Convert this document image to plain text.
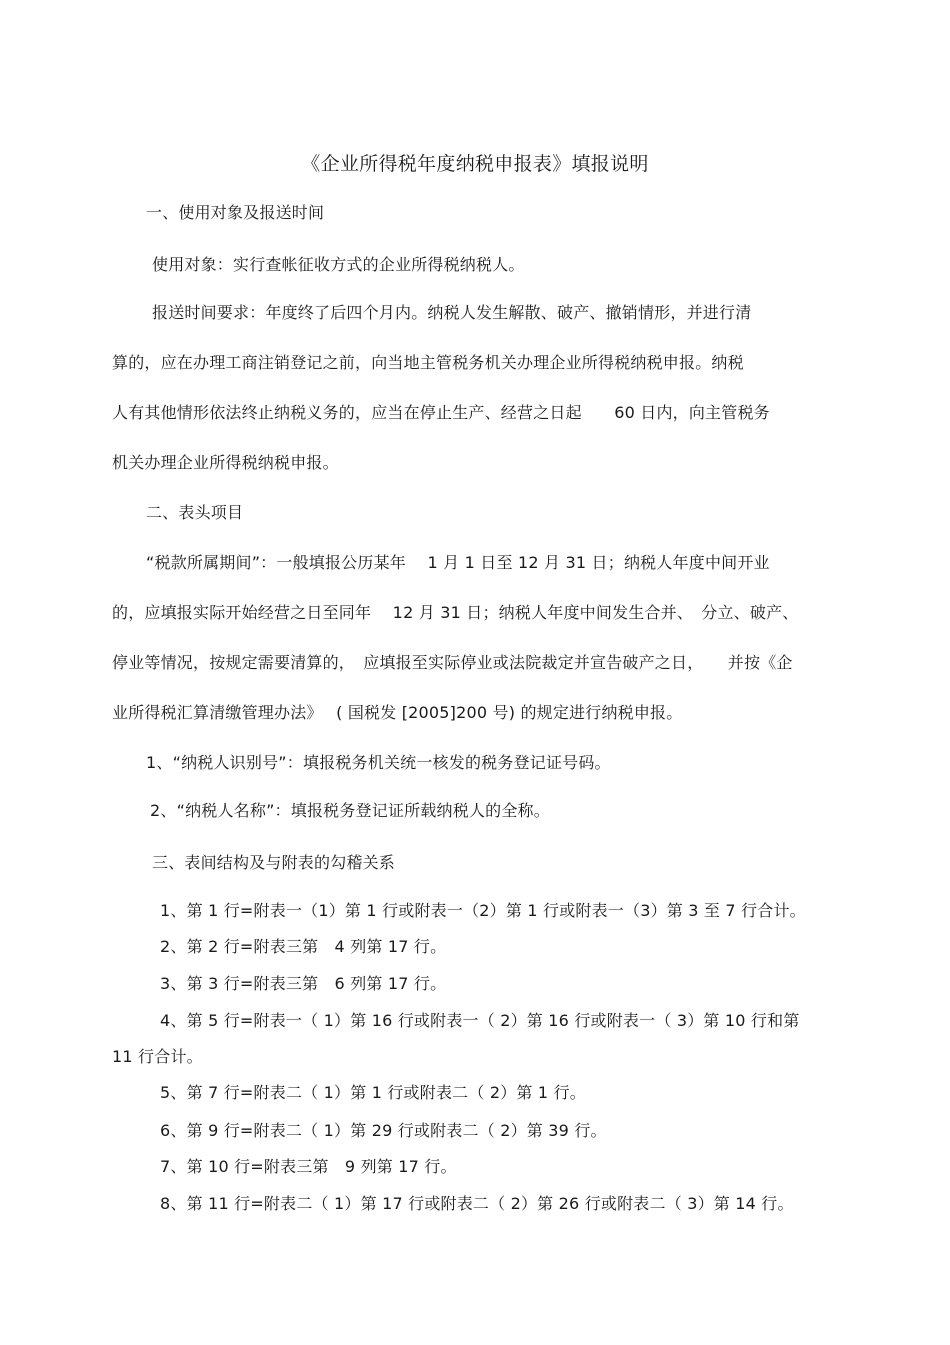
《企业所得税年度纳税申报表》填报说明
一、使用对象及报送时间
使用对象：实行查帐征收方式的企业所得税纳税人。
报送时间要求：年度终了后四个月内。纳税人发生解散、破产、撤销情形，并进行清
算的，应在办理工商注销登记之前，向当地主管税务机关办理企业所得税纳税申报。纳税
人有其他情形依法终止纳税义务的，应当在停止生产、经营之日起　　60 日内，向主管税务
机关办理企业所得税纳税申报。
二、表头项目
“税款所属期间”：一般填报公历某年　 1 月 1 日至 12 月 31 日；纳税人年度中间开业
的，应填报实际开始经营之日至同年　 12 月 31 日；纳税人年度中间发生合并、　分立、破产、
停业等情况，按规定需要清算的，　应填报至实际停业或法院裁定并宣告破产之日，　　并按《企
业所得税汇算清缴管理办法》　 ( 国税发 [2005]200 号) 的规定进行纳税申报。
1、“纳税人识别号”：填报税务机关统一核发的税务登记证号码。
2、“纳税人名称”：填报税务登记证所载纳税人的全称。
三、表间结构及与附表的勾稽关系
1、第 1 行=附表一（1）第 1 行或附表一（2）第 1 行或附表一（3）第 3 至 7 行合计。
2、第 2 行=附表三第　4 列第 17 行。
3、第 3 行=附表三第　6 列第 17 行。
4、第 5 行=附表一（ 1）第 16 行或附表一（ 2）第 16 行或附表一（ 3）第 10 行和第
11 行合计。
5、第 7 行=附表二（ 1）第 1 行或附表二（ 2）第 1 行。
6、第 9 行=附表二（ 1）第 29 行或附表二（ 2）第 39 行。
7、第 10 行=附表三第　9 列第 17 行。
8、第 11 行=附表二（ 1）第 17 行或附表二（ 2）第 26 行或附表二（ 3）第 14 行。
